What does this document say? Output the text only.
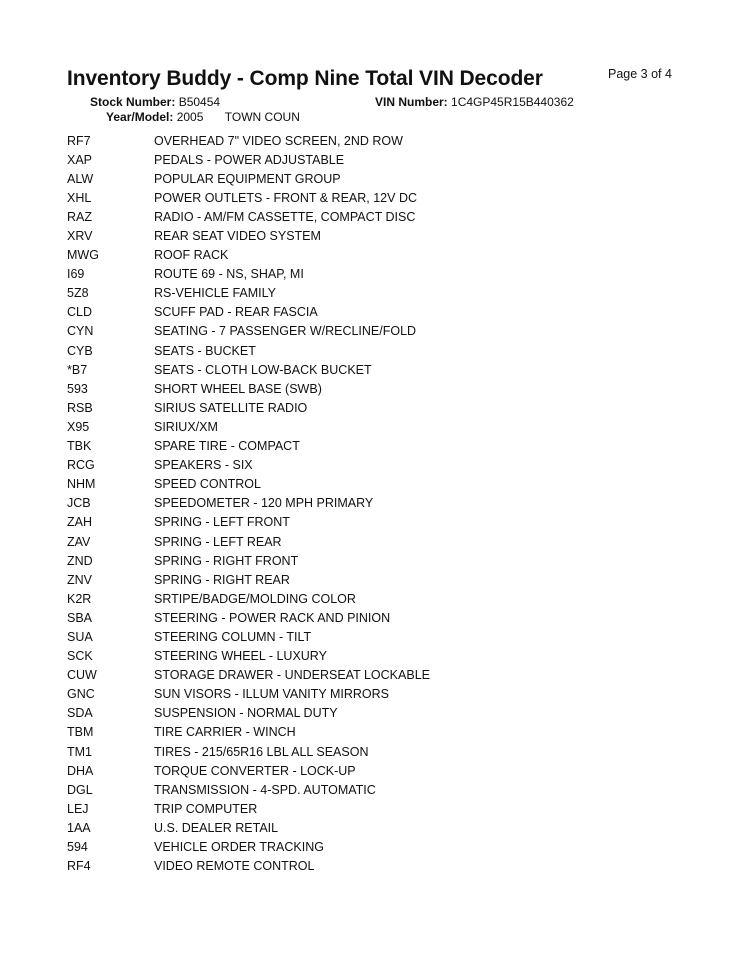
Inventory Buddy - Comp Nine Total VIN Decoder	Page 3 of 4
Stock Number: B50454	VIN Number: 1C4GP45R15B440362
Year/Model: 2005 TOWN COUN
RF7	OVERHEAD 7" VIDEO SCREEN, 2ND ROW
XAP	PEDALS - POWER ADJUSTABLE
ALW	POPULAR EQUIPMENT GROUP
XHL	POWER OUTLETS - FRONT & REAR, 12V DC
RAZ	RADIO - AM/FM CASSETTE, COMPACT DISC
XRV	REAR SEAT VIDEO SYSTEM
MWG	ROOF RACK
I69	ROUTE 69 - NS, SHAP, MI
5Z8	RS-VEHICLE FAMILY
CLD	SCUFF PAD - REAR FASCIA
CYN	SEATING - 7 PASSENGER W/RECLINE/FOLD
CYB	SEATS - BUCKET
*B7	SEATS - CLOTH LOW-BACK BUCKET
593	SHORT WHEEL BASE (SWB)
RSB	SIRIUS SATELLITE RADIO
X95	SIRIUX/XM
TBK	SPARE TIRE - COMPACT
RCG	SPEAKERS - SIX
NHM	SPEED CONTROL
JCB	SPEEDOMETER - 120 MPH PRIMARY
ZAH	SPRING - LEFT FRONT
ZAV	SPRING - LEFT REAR
ZND	SPRING - RIGHT FRONT
ZNV	SPRING - RIGHT REAR
K2R	SRTIPE/BADGE/MOLDING COLOR
SBA	STEERING - POWER RACK AND PINION
SUA	STEERING COLUMN - TILT
SCK	STEERING WHEEL - LUXURY
CUW	STORAGE DRAWER - UNDERSEAT LOCKABLE
GNC	SUN VISORS - ILLUM VANITY MIRRORS
SDA	SUSPENSION - NORMAL DUTY
TBM	TIRE CARRIER - WINCH
TM1	TIRES - 215/65R16 LBL ALL SEASON
DHA	TORQUE CONVERTER - LOCK-UP
DGL	TRANSMISSION - 4-SPD. AUTOMATIC
LEJ	TRIP COMPUTER
1AA	U.S. DEALER RETAIL
594	VEHICLE ORDER TRACKING
RF4	VIDEO REMOTE CONTROL
